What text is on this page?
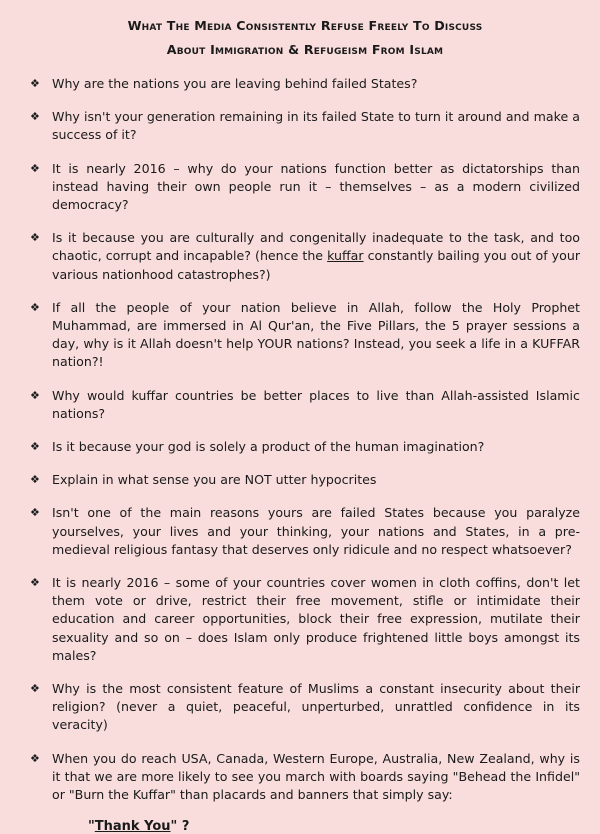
What The Media Consistently Refuse Freely To Discuss
About Immigration & Refugeism From Islam
❖ Why are the nations you are leaving behind failed States?
❖ Why isn't your generation remaining in its failed State to turn it around and make a success of it?
❖ It is nearly 2016 – why do your nations function better as dictatorships than instead having their own people run it – themselves – as a modern civilized democracy?
❖ Is it because you are culturally and congenitally inadequate to the task, and too chaotic, corrupt and incapable? (hence the kuffar constantly bailing you out of your various nationhood catastrophes?)
❖ If all the people of your nation believe in Allah, follow the Holy Prophet Muhammad, are immersed in Al Qur'an, the Five Pillars, the 5 prayer sessions a day, why is it Allah doesn't help YOUR nations? Instead, you seek a life in a KUFFAR nation?!
❖ Why would kuffar countries be better places to live than Allah-assisted Islamic nations?
❖ Is it because your god is solely a product of the human imagination?
❖ Explain in what sense you are NOT utter hypocrites
❖ Isn't one of the main reasons yours are failed States because you paralyze yourselves, your lives and your thinking, your nations and States, in a pre-medieval religious fantasy that deserves only ridicule and no respect whatsoever?
❖ It is nearly 2016 – some of your countries cover women in cloth coffins, don't let them vote or drive, restrict their free movement, stifle or intimidate their education and career opportunities, block their free expression, mutilate their sexuality and so on – does Islam only produce frightened little boys amongst its males?
❖ Why is the most consistent feature of Muslims a constant insecurity about their religion? (never a quiet, peaceful, unperturbed, unrattled confidence in its veracity)
❖ When you do reach USA, Canada, Western Europe, Australia, New Zealand, why is it that we are more likely to see you march with boards saying "Behead the Infidel" or "Burn the Kuffar" than placards and banners that simply say:
"Thank You" ?
